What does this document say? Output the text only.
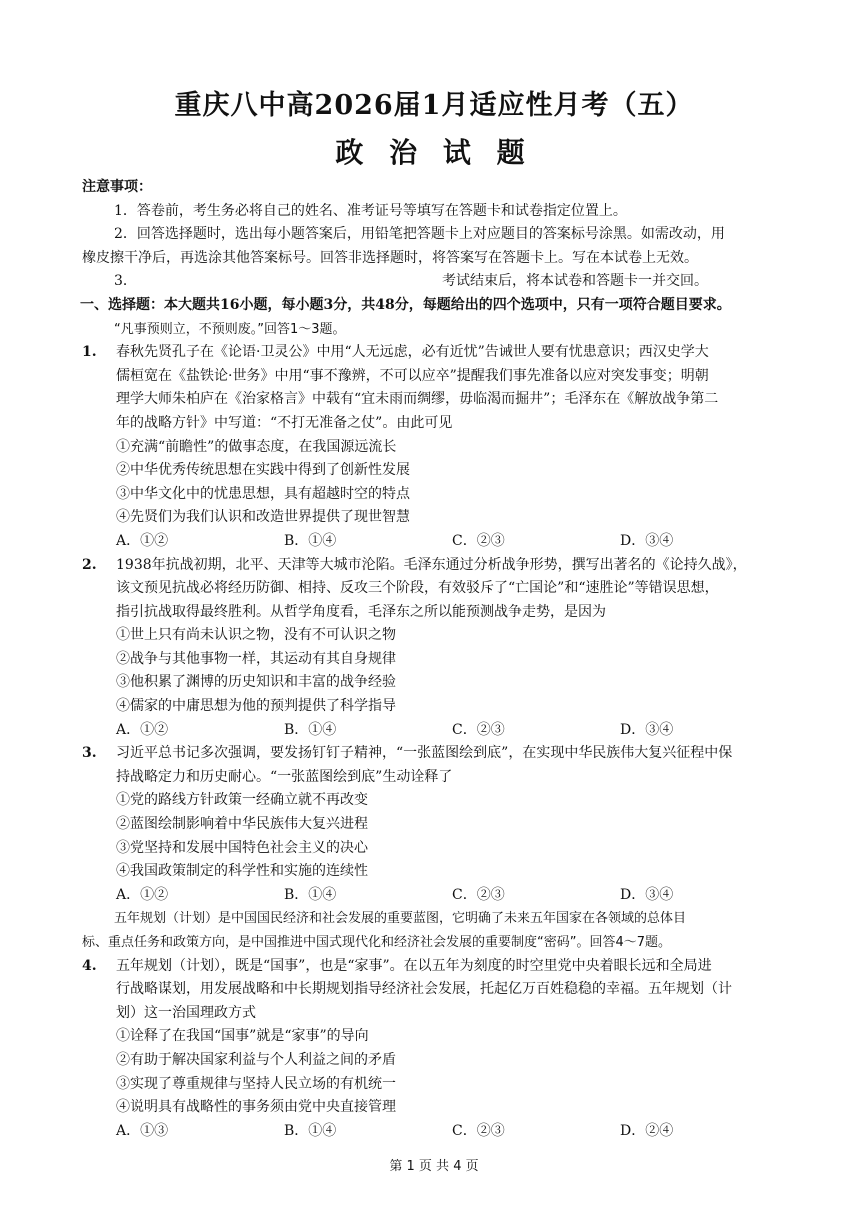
重庆八中高2026届1月适应性月考（五）
政 治 试 题
注意事项：
1．答卷前，考生务必将自己的姓名、准考证号等填写在答题卡和试卷指定位置上。
2．回答选择题时，选出每小题答案后，用铅笔把答题卡上对应题目的答案标号涂黑。如需改动，用
橡皮擦干净后，再选涂其他答案标号。回答非选择题时，将答案写在答题卡上。写在本试卷上无效。
3．	考试结束后，将本试卷和答题卡一并交回。
一、选择题：本大题共16小题，每小题3分，共48分，每题给出的四个选项中，只有一项符合题目要求。
“凡事预则立，不预则废。”回答1～3题。
1.	春秋先贤孔子在《论语·卫灵公》中用“人无远虑，必有近忧”告诫世人要有忧患意识；西汉史学大
儒桓宽在《盐铁论·世务》中用“事不豫辨，不可以应卒”提醒我们事先准备以应对突发事变；明朝
理学大师朱柏庐在《治家格言》中载有“宜未雨而绸缪，毋临渴而掘井”；毛泽东在《解放战争第二
年的战略方针》中写道：“不打无准备之仗”。由此可见
①充满“前瞻性”的做事态度，在我国源远流长
②中华优秀传统思想在实践中得到了创新性发展
③中华文化中的忧患思想，具有超越时空的特点
④先贤们为我们认识和改造世界提供了现世智慧
A．①②	B．①④	C．②③	D．③④
2.	1938年抗战初期，北平、天津等大城市沦陷。毛泽东通过分析战争形势，撰写出著名的《论持久战》，
该文预见抗战必将经历防御、相持、反攻三个阶段，有效驳斥了“亡国论”和“速胜论”等错误思想，
指引抗战取得最终胜利。从哲学角度看，毛泽东之所以能预测战争走势，是因为
①世上只有尚未认识之物，没有不可认识之物
②战争与其他事物一样，其运动有其自身规律
③他积累了渊博的历史知识和丰富的战争经验
④儒家的中庸思想为他的预判提供了科学指导
A．①②	B．①④	C．②③	D．③④
3.	习近平总书记多次强调，要发扬钉钉子精神，“一张蓝图绘到底”，在实现中华民族伟大复兴征程中保
持战略定力和历史耐心。“一张蓝图绘到底”生动诠释了
①党的路线方针政策一经确立就不再改变
②蓝图绘制影响着中华民族伟大复兴进程
③党坚持和发展中国特色社会主义的决心
④我国政策制定的科学性和实施的连续性
A．①②	B．①④	C．②③	D．③④
五年规划（计划）是中国国民经济和社会发展的重要蓝图，它明确了未来五年国家在各领域的总体目
标、重点任务和政策方向，是中国推进中国式现代化和经济社会发展的重要制度“密码”。回答4～7题。
4.	五年规划（计划），既是“国事”，也是“家事”。在以五年为刻度的时空里党中央着眼长远和全局进
行战略谋划，用发展战略和中长期规划指导经济社会发展，托起亿万百姓稳稳的幸福。五年规划（计
划）这一治国理政方式
①诠释了在我国“国事”就是“家事”的导向
②有助于解决国家利益与个人利益之间的矛盾
③实现了尊重规律与坚持人民立场的有机统一
④说明具有战略性的事务须由党中央直接管理
A．①③	B．①④	C．②③	D．②④
第 1 页 共 4 页
